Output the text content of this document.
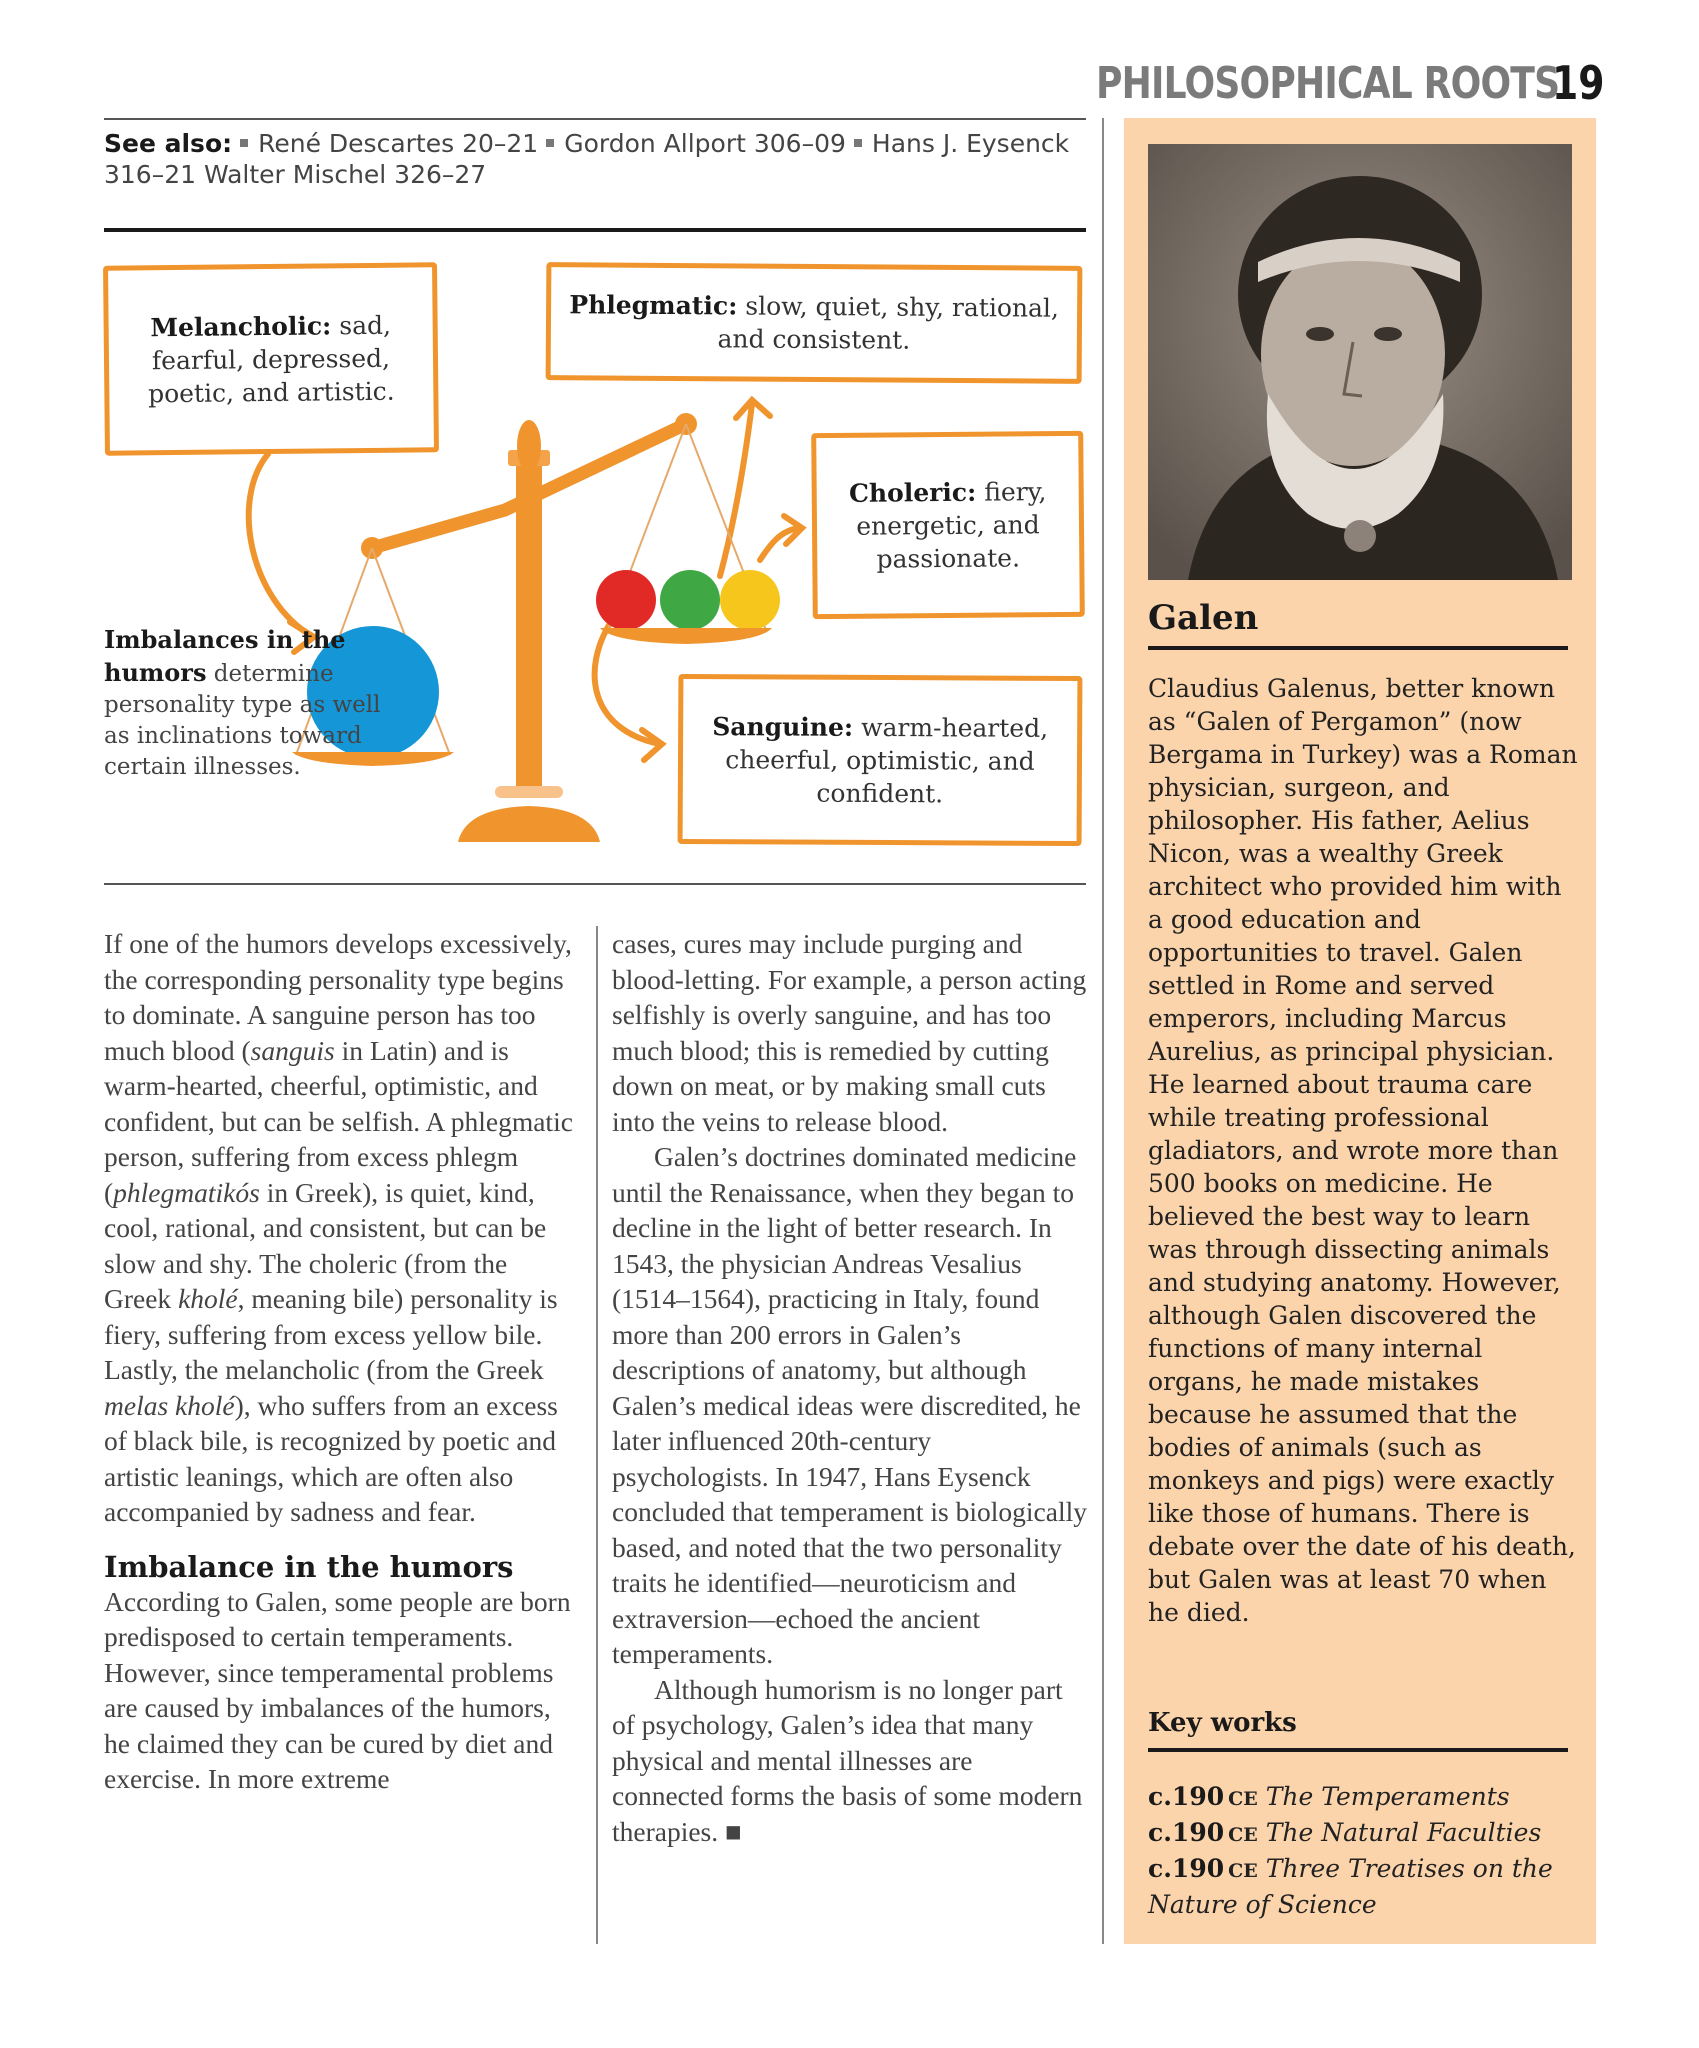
PHILOSOPHICAL ROOTS
19
See also: René Descartes 20–21 Gordon Allport 306–09 Hans J. Eysenck
316–21 Walter Mischel 326–27
Melancholic: sad, fearful, depressed, poetic, and artistic.
Phlegmatic: slow, quiet, shy, rational, and consistent.
Choleric: fiery, energetic, and passionate.
Sanguine: warm-hearted, cheerful, optimistic, and confident.
Imbalances in the humors determine personality type as well as inclinations toward certain illnesses.

If one of the humors develops excessively, the corresponding personality type begins to dominate. A sanguine person has too much blood (sanguis in Latin) and is warm-hearted, cheerful, optimistic, and confident, but can be selfish. A phlegmatic person, suffering from excess phlegm (phlegmatikós in Greek), is quiet, kind, cool, rational, and consistent, but can be slow and shy. The choleric (from the Greek kholé, meaning bile) personality is fiery, suffering from excess yellow bile. Lastly, the melancholic (from the Greek melas kholé), who suffers from an excess of black bile, is recognized by poetic and artistic leanings, which are often also accompanied by sadness and fear.

Imbalance in the humors

According to Galen, some people are born predisposed to certain temperaments. However, since temperamental problems are caused by imbalances of the humors, he claimed they can be cured by diet and exercise. In more extreme

cases, cures may include purging and blood-letting. For example, a person acting selfishly is overly sanguine, and has too much blood; this is remedied by cutting down on meat, or by making small cuts into the veins to release blood.

Galen’s doctrines dominated medicine until the Renaissance, when they began to decline in the light of better research. In 1543, the physician Andreas Vesalius (1514–1564), practicing in Italy, found more than 200 errors in Galen’s descriptions of anatomy, but although Galen’s medical ideas were discredited, he later influenced 20th-century psychologists. In 1947, Hans Eysenck concluded that temperament is biologically based, and noted that the two personality traits he identified—neuroticism and extraversion—echoed the ancient temperaments.

Although humorism is no longer part of psychology, Galen’s idea that many physical and mental illnesses are connected forms the basis of some modern therapies. ■

Galen
Claudius Galenus, better known as “Galen of Pergamon” (now Bergama in Turkey) was a Roman physician, surgeon, and philosopher. His father, Aelius Nicon, was a wealthy Greek architect who provided him with a good education and opportunities to travel. Galen settled in Rome and served emperors, including Marcus Aurelius, as principal physician. He learned about trauma care while treating professional gladiators, and wrote more than 500 books on medicine. He believed the best way to learn was through dissecting animals and studying anatomy. However, although Galen discovered the functions of many internal organs, he made mistakes because he assumed that the bodies of animals (such as monkeys and pigs) were exactly like those of humans. There is debate over the date of his death, but Galen was at least 70 when he died.
Key works
c.190 CE The Temperaments
c.190 CE The Natural Faculties
c.190 CE Three Treatises on the Nature of Science
